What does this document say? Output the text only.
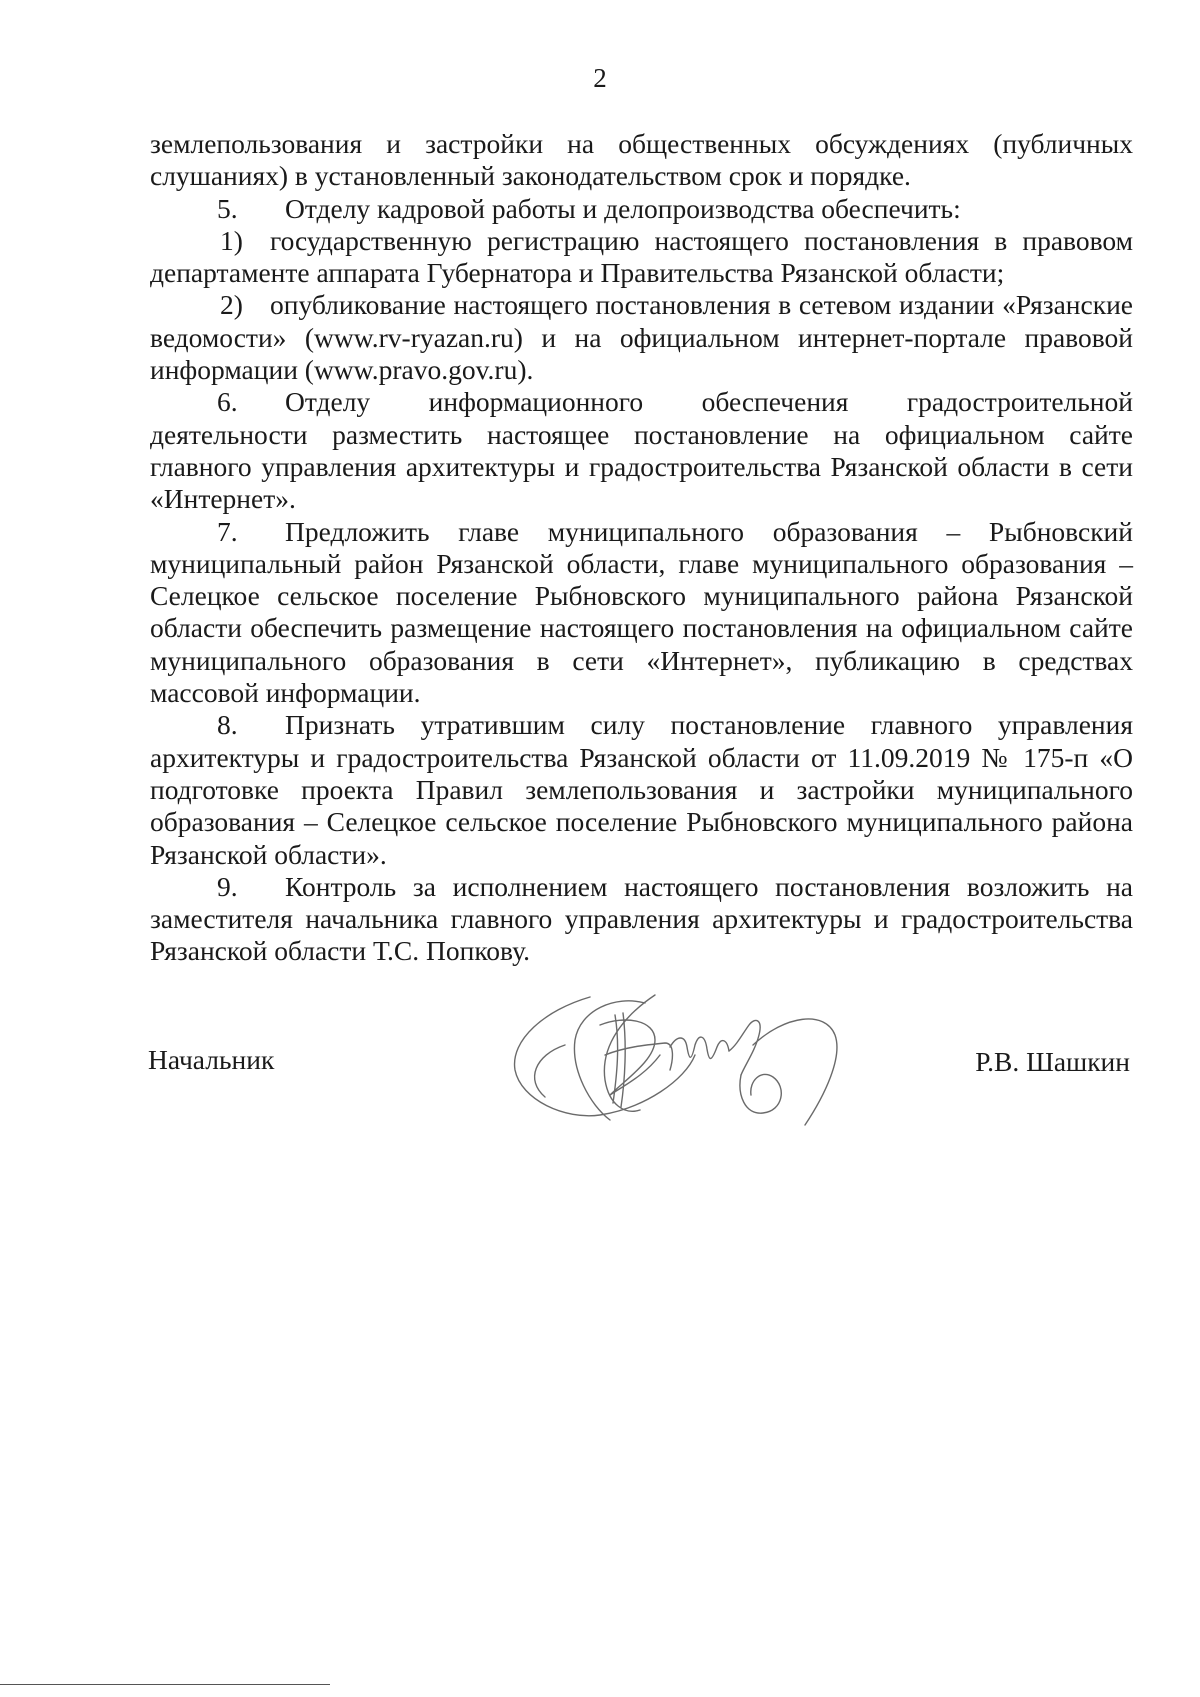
2

землепользования и застройки на общественных обсуждениях (публичных слушаниях) в установленный законодательством срок и порядке.

5. Отделу кадровой работы и делопроизводства обеспечить:

1) государственную регистрацию настоящего постановления в правовом департаменте аппарата Губернатора и Правительства Рязанской области;

2) опубликование настоящего постановления в сетевом издании «Рязанские ведомости» (www.rv-ryazan.ru) и на официальном интернет-портале правовой информации (www.pravo.gov.ru).

6. Отделу информационного обеспечения градостроительной деятельности разместить настоящее постановление на официальном сайте главного управления архитектуры и градостроительства Рязанской области в сети «Интернет».

7. Предложить главе муниципального образования – Рыбновский муниципальный район Рязанской области, главе муниципального образования – Селецкое сельское поселение Рыбновского муниципального района Рязанской области обеспечить размещение настоящего постановления на официальном сайте муниципального образования в сети «Интернет», публикацию в средствах массовой информации.

8. Признать утратившим силу постановление главного управления архитектуры и градостроительства Рязанской области от 11.09.2019 № 175-п «О подготовке проекта Правил землепользования и застройки муниципального образования – Селецкое сельское поселение Рыбновского муниципального района Рязанской области».

9. Контроль за исполнением настоящего постановления возложить на заместителя начальника главного управления архитектуры и градостроительства Рязанской области Т.С. Попкову.

Начальник	Р.В. Шашкин
